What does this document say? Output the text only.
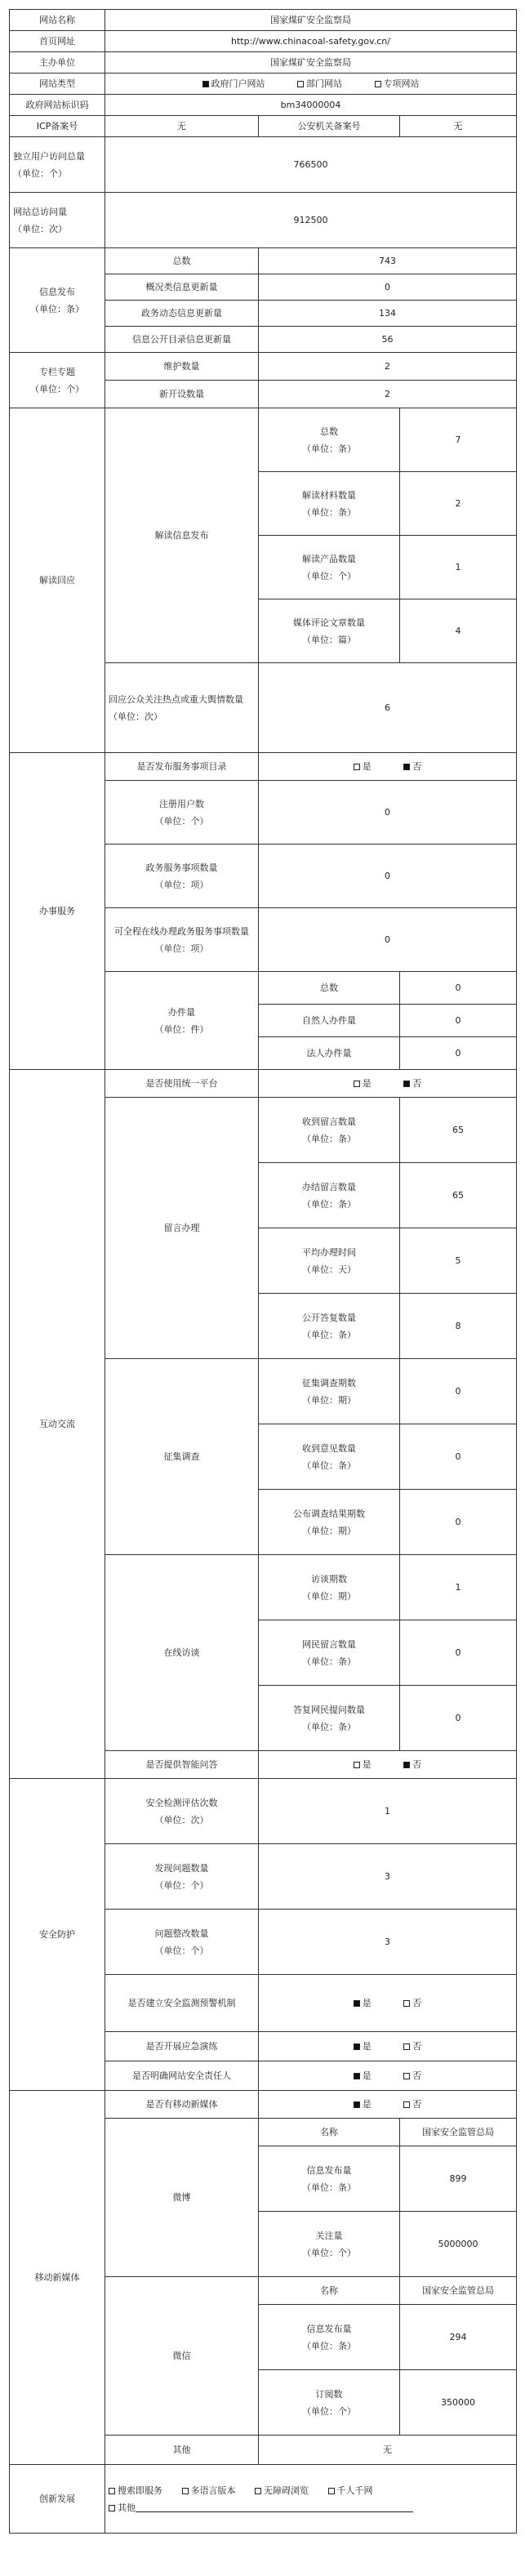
网站名称	国家煤矿安全监察局		
首页网址	http://www.chinacoal-safety.gov.cn/		
主办单位	国家煤矿安全监察局		
网站类型	政府门户网站 部门网站 专项网站		
政府网站标识码	bm34000004		
ICP备案号	无	公安机关备案号	无
独立用户访问总量
（单位：个）	766500		
网站总访问量
（单位：次）	912500		
信息发布
（单位：条）	总数	743	
	概况类信息更新量	0	
	政务动态信息更新量	134	
	信息公开目录信息更新量	56	
专栏专题
（单位：个）	维护数量	2	
	新开设数量	2	
解读回应	解读信息发布	总数
（单位：条）	7
		解读材料数量
（单位：条）	2
		解读产品数量
（单位：个）	1
		媒体评论文章数量
（单位：篇）	4
	回应公众关注热点或重大舆情数量（单位：次）	6	
办事服务	是否发布服务事项目录	是 否	
	注册用户数
（单位：个）	0	
	政务服务事项数量
（单位：项）	0	
	可全程在线办理政务服务事项数量
（单位：项）	0	
	办件量
（单位：件）	总数	0
		自然人办件量	0
		法人办件量	0
互动交流	是否使用统一平台	是 否	
	留言办理	收到留言数量
（单位：条）	65
		办结留言数量
（单位：条）	65
		平均办理时间
（单位：天）	5
		公开答复数量
（单位：条）	8
	征集调查	征集调查期数
（单位：期）	0
		收到意见数量
（单位：条）	0
		公布调查结果期数
（单位：期）	0
	在线访谈	访谈期数
（单位：期）	1
		网民留言数量
（单位：条）	0
		答复网民提问数量
（单位：条）	0
	是否提供智能问答	是 否	
安全防护	安全检测评估次数
（单位：次）	1	
	发现问题数量
（单位：个）	3	
	问题整改数量
（单位：个）	3	
	是否建立安全监测预警机制	是 否	
	是否开展应急演练	是 否	
	是否明确网站安全责任人	是 否	
移动新媒体	是否有移动新媒体	是 否	
	微博	名称	国家安全监管总局
		信息发布量
（单位：条）	899
		关注量
（单位：个）	5000000
	微信	名称	国家安全监管总局
		信息发布量
（单位：条）	294
		订阅数
（单位：个）	350000
	其他	无	
创新发展	搜索即服务 多语言版本 无障碍浏览 千人千网
其他		
